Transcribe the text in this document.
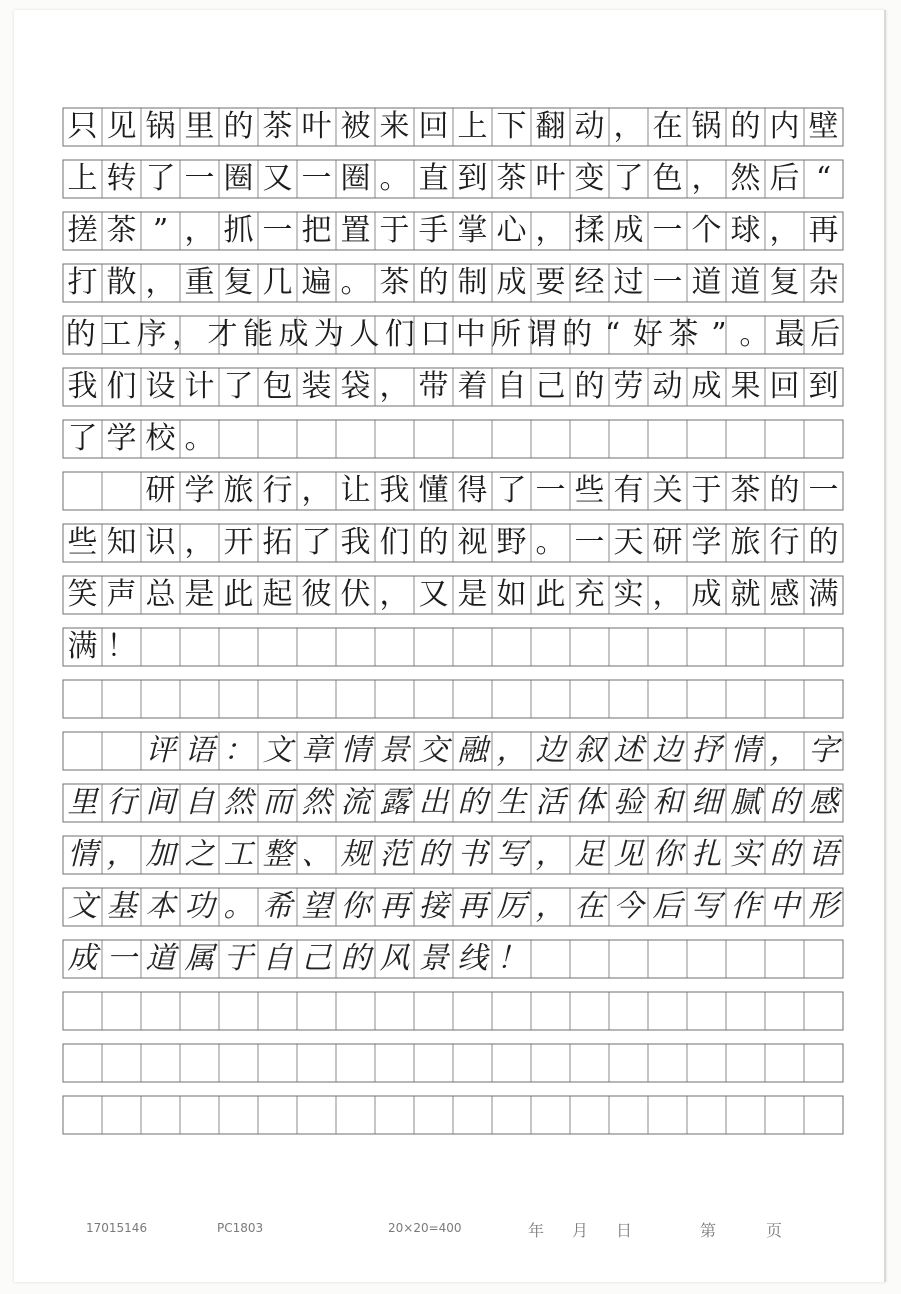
只 见 锅 里 的 茶 叶 被 来 回 上 下 翻 动 ， 在 锅 的 内 壁
上 转 了 一 圈 又 一 圈 。 直 到 茶 叶 变 了 色 ， 然 后 “
搓 茶 ” ， 抓 一 把 置 于 手 掌 心 ， 揉 成 一 个 球 ， 再
打 散 ， 重 复 几 遍 。 茶 的 制 成 要 经 过 一 道 道 复 杂
的 工 序 ， 才 能 成 为 人 们 口 中 所 谓 的 “ 好 茶 ” 。 最 后
我 们 设 计 了 包 装 袋 ， 带 着 自 己 的 劳 动 成 果 回 到
了 学 校 。

研 学 旅 行 ， 让 我 懂 得 了 一 些 有 关 于 茶 的 一
些 知 识 ， 开 拓 了 我 们 的 视 野 。 一 天 研 学 旅 行 的
笑 声 总 是 此 起 彼 伏 ， 又 是 如 此 充 实 ， 成 就 感 满
满 ！

评 语 ： 文 章 情 景 交 融 ， 边 叙 述 边 抒 情 ， 字
里 行 间 自 然 而 然 流 露 出 的 生 活 体 验 和 细 腻 的 感
情 ， 加 之 工 整 、 规 范 的 书 写 ， 足 见 你 扎 实 的 语
文 基 本 功 。 希 望 你 再 接 再 厉 ， 在 今 后 写 作 中 形
成 一 道 属 于 自 己 的 风 景 线 ！
17015146	PC1803	20×20=400	年　月　日	第　　页
